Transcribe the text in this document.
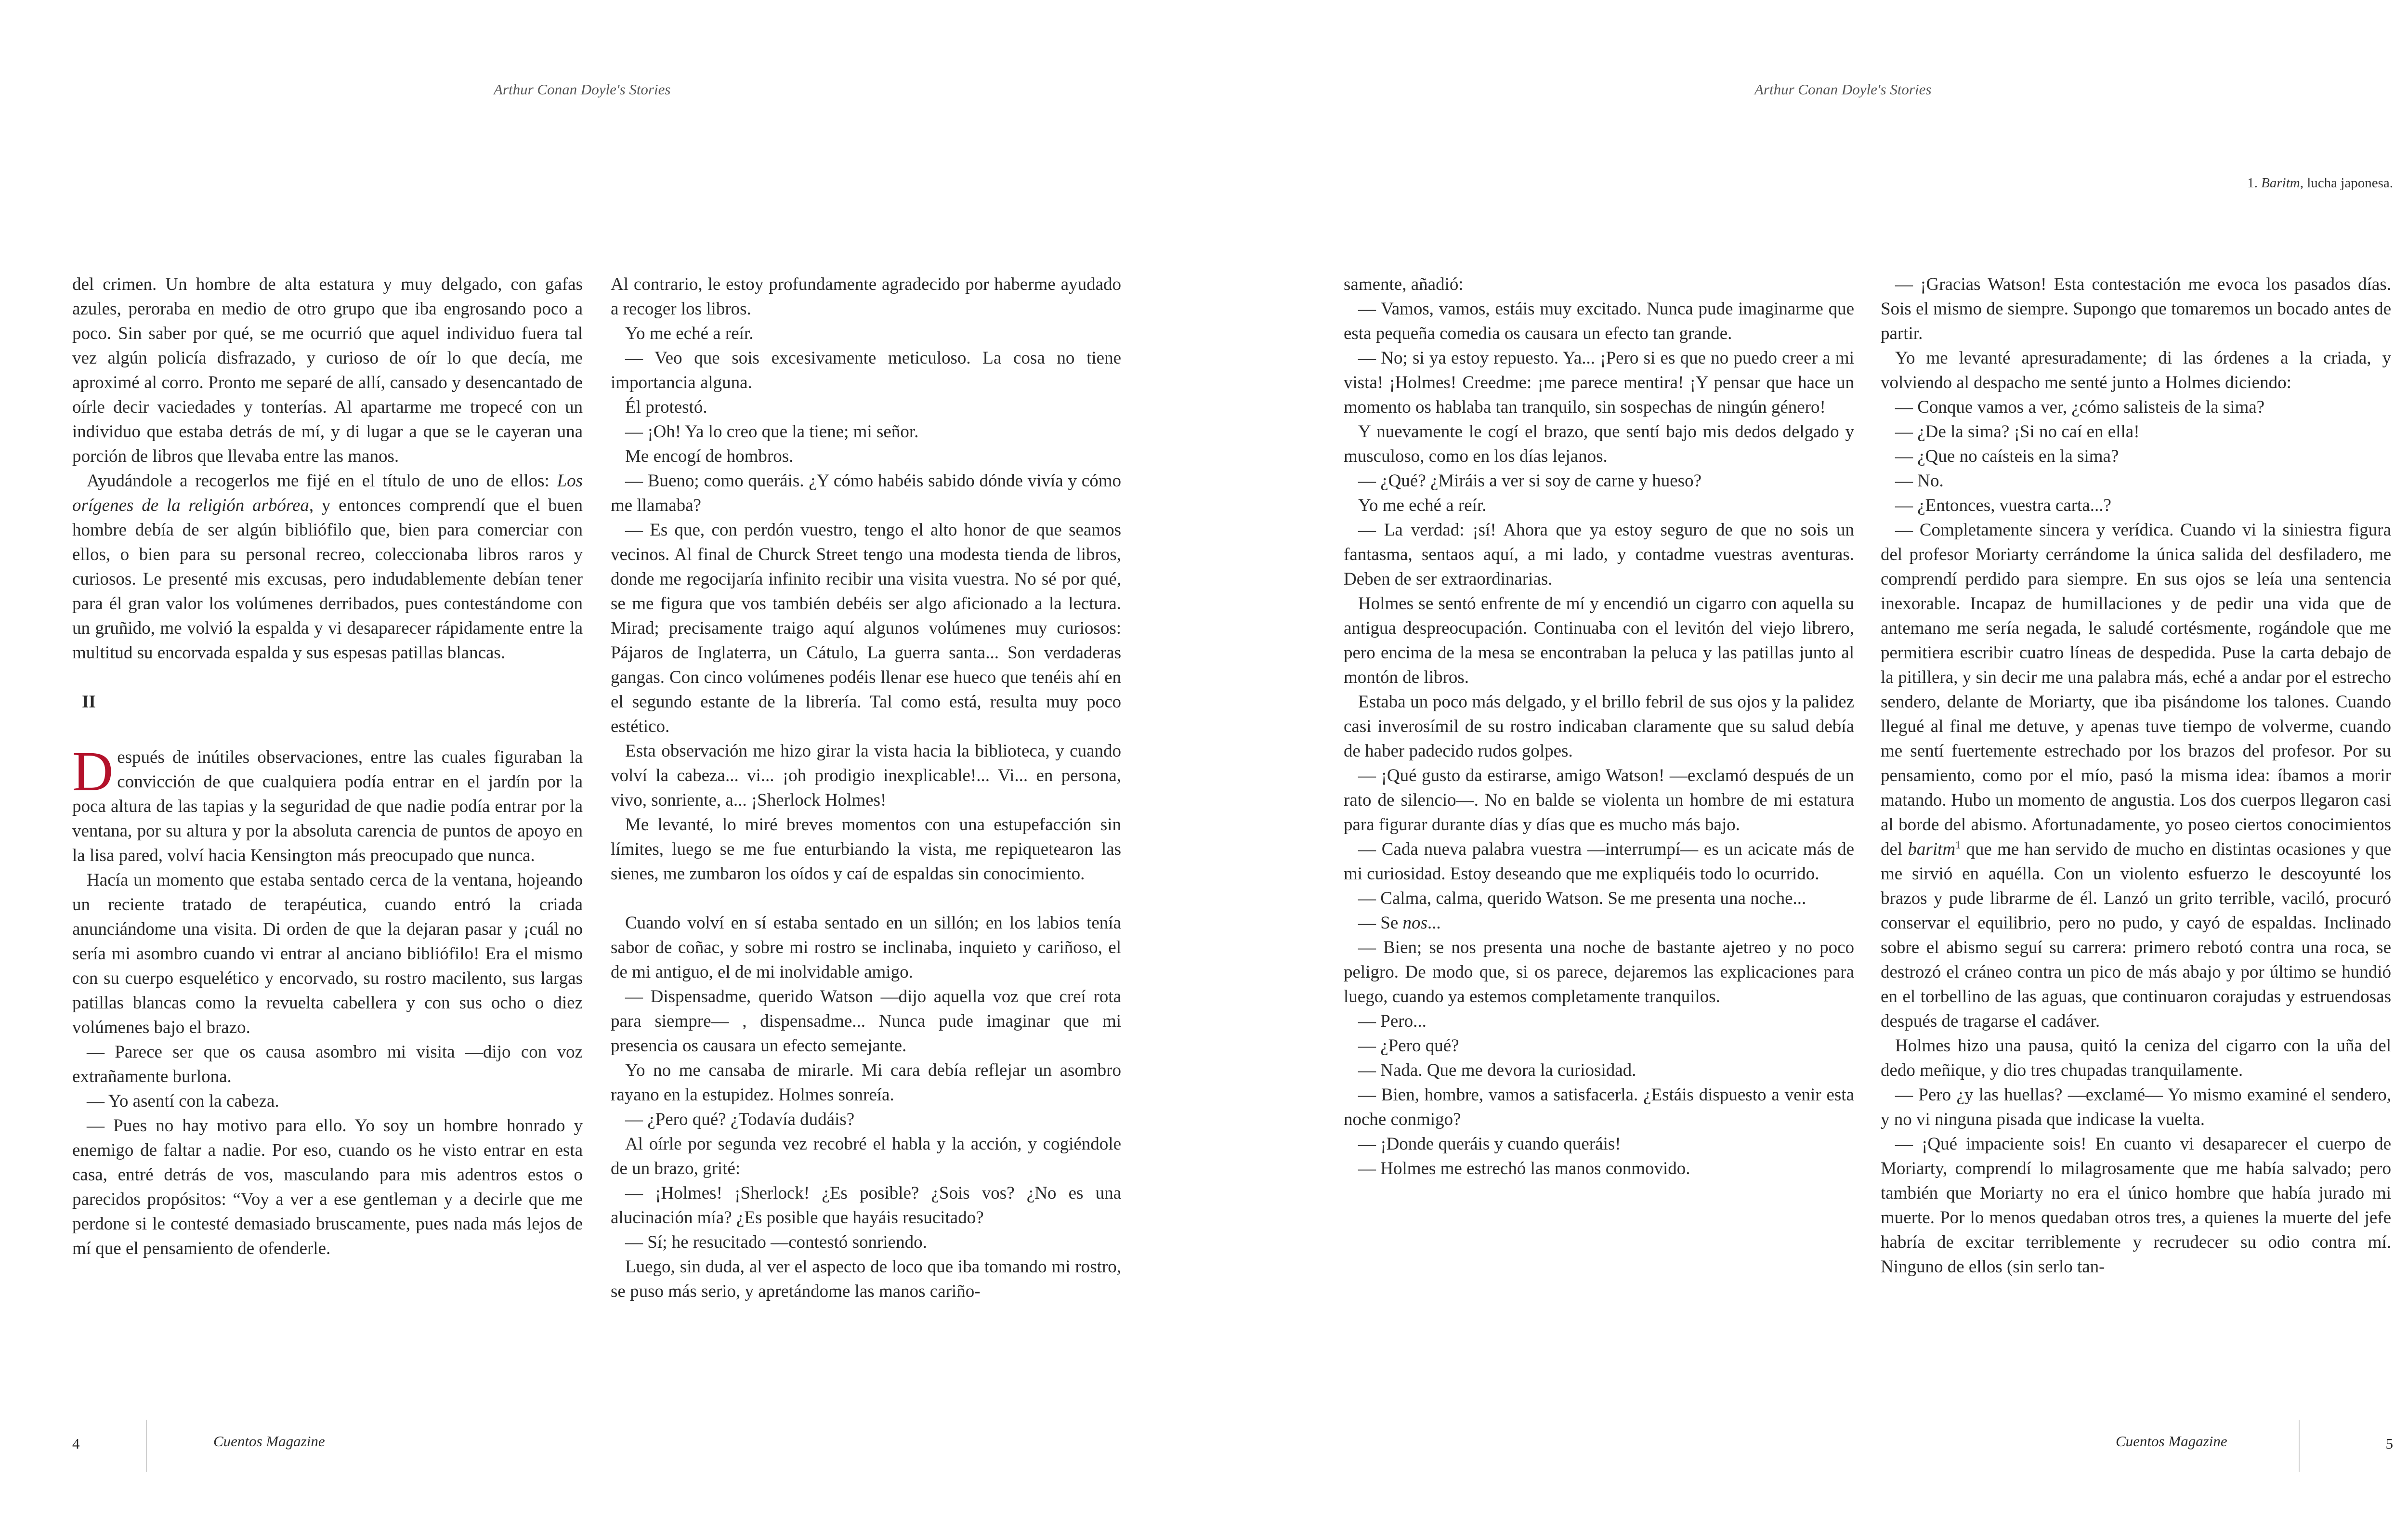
Arthur Conan Doyle's Stories

del crimen. Un hombre de alta estatura y muy delgado, con gafas azules, peroraba en medio de otro grupo que iba engrosando poco a poco. Sin saber por qué, se me ocurrió que aquel individuo fuera tal vez algún policía disfrazado, y curioso de oír lo que decía, me aproximé al corro. Pronto me separé de allí, cansado y desencantado de oírle decir vaciedades y tonterías. Al apartarme me tropecé con un individuo que estaba detrás de mí, y di lugar a que se le cayeran una porción de libros que llevaba entre las manos.

Ayudándole a recogerlos me fijé en el título de uno de ellos: Los orígenes de la religión arbórea, y entonces comprendí que el buen hombre debía de ser algún bibliófilo que, bien para comerciar con ellos, o bien para su personal recreo, coleccionaba libros raros y curiosos. Le presenté mis excusas, pero indudablemente debían tener para él gran valor los volúmenes derribados, pues contestándome con un gruñido, me volvió la espalda y vi desaparecer rápidamente entre la multitud su encorvada espalda y sus espesas patillas blancas.

II

Después de inútiles observaciones, entre las cuales figuraban la convicción de que cualquiera podía entrar en el jardín por la poca altura de las tapias y la seguridad de que nadie podía entrar por la ventana, por su altura y por la absoluta carencia de puntos de apoyo en la lisa pared, volví hacia Kensington más preocupado que nunca.

Hacía un momento que estaba sentado cerca de la ventana, hojeando un reciente tratado de terapéutica, cuando entró la criada anunciándome una visita. Di orden de que la dejaran pasar y ¡cuál no sería mi asombro cuando vi entrar al anciano bibliófilo! Era el mismo con su cuerpo esquelético y encorvado, su rostro macilento, sus largas patillas blancas como la revuelta cabellera y con sus ocho o diez volúmenes bajo el brazo.

— Parece ser que os causa asombro mi visita —dijo con voz extrañamente burlona.

— Yo asentí con la cabeza.

— Pues no hay motivo para ello. Yo soy un hombre honrado y enemigo de faltar a nadie. Por eso, cuando os he visto entrar en esta casa, entré detrás de vos, masculando para mis adentros estos o parecidos propósitos: “Voy a ver a ese gentleman y a decirle que me perdone si le contesté demasiado bruscamente, pues nada más lejos de mí que el pensamiento de ofenderle.

Al contrario, le estoy profundamente agradecido por haberme ayudado a recoger los libros.

Yo me eché a reír.

— Veo que sois excesivamente meticuloso. La cosa no tiene importancia alguna.

Él protestó.

— ¡Oh! Ya lo creo que la tiene; mi señor.

Me encogí de hombros.

— Bueno; como queráis. ¿Y cómo habéis sabido dónde vivía y cómo me llamaba?

— Es que, con perdón vuestro, tengo el alto honor de que seamos vecinos. Al final de Churck Street tengo una modesta tienda de libros, donde me regocijaría infinito recibir una visita vuestra. No sé por qué, se me figura que vos también debéis ser algo aficionado a la lectura. Mirad; precisamente traigo aquí algunos volúmenes muy curiosos: Pájaros de Inglaterra, un Cátulo, La guerra santa... Son verdaderas gangas. Con cinco volúmenes podéis llenar ese hueco que tenéis ahí en el segundo estante de la librería. Tal como está, resulta muy poco estético.

Esta observación me hizo girar la vista hacia la biblioteca, y cuando volví la cabeza... vi... ¡oh prodigio inexplicable!... Vi... en persona, vivo, sonriente, a... ¡Sherlock Holmes!

Me levanté, lo miré breves momentos con una estupefacción sin límites, luego se me fue enturbiando la vista, me repiquetearon las sienes, me zumbaron los oídos y caí de espaldas sin conocimiento.

Cuando volví en sí estaba sentado en un sillón; en los labios tenía sabor de coñac, y sobre mi rostro se inclinaba, inquieto y cariñoso, el de mi antiguo, el de mi inolvidable amigo.

— Dispensadme, querido Watson —dijo aquella voz que creí rota para siempre— , dispensadme... Nunca pude imaginar que mi presencia os causara un efecto semejante.

Yo no me cansaba de mirarle. Mi cara debía reflejar un asombro rayano en la estupidez. Holmes sonreía.

— ¿Pero qué? ¿Todavía dudáis?

Al oírle por segunda vez recobré el habla y la acción, y cogiéndole de un brazo, grité:

— ¡Holmes! ¡Sherlock! ¿Es posible? ¿Sois vos? ¿No es una alucinación mía? ¿Es posible que hayáis resucitado?

— Sí; he resucitado —contestó sonriendo.

Luego, sin duda, al ver el aspecto de loco que iba tomando mi rostro, se puso más serio, y apretándome las manos cariño-

4	Cuentos Magazine
Arthur Conan Doyle's Stories
1. Baritm, lucha japonesa.

samente, añadió:

— Vamos, vamos, estáis muy excitado. Nunca pude imaginarme que esta pequeña comedia os causara un efecto tan grande.

— No; si ya estoy repuesto. Ya... ¡Pero si es que no puedo creer a mi vista! ¡Holmes! Creedme: ¡me parece mentira! ¡Y pensar que hace un momento os hablaba tan tranquilo, sin sospechas de ningún género!

Y nuevamente le cogí el brazo, que sentí bajo mis dedos delgado y musculoso, como en los días lejanos.

— ¿Qué? ¿Miráis a ver si soy de carne y hueso?

Yo me eché a reír.

— La verdad: ¡sí! Ahora que ya estoy seguro de que no sois un fantasma, sentaos aquí, a mi lado, y contadme vuestras aventuras. Deben de ser extraordinarias.

Holmes se sentó enfrente de mí y encendió un cigarro con aquella su antigua despreocupación. Continuaba con el levitón del viejo librero, pero encima de la mesa se encontraban la peluca y las patillas junto al montón de libros.

Estaba un poco más delgado, y el brillo febril de sus ojos y la palidez casi inverosímil de su rostro indicaban claramente que su salud debía de haber padecido rudos golpes.

— ¡Qué gusto da estirarse, amigo Watson! —exclamó después de un rato de silencio—. No en balde se violenta un hombre de mi estatura para figurar durante días y días que es mucho más bajo.

— Cada nueva palabra vuestra —interrumpí— es un acicate más de mi curiosidad. Estoy deseando que me expliquéis todo lo ocurrido.

— Calma, calma, querido Watson. Se me presenta una noche...

— Se nos...

— Bien; se nos presenta una noche de bastante ajetreo y no poco peligro. De modo que, si os parece, dejaremos las explicaciones para luego, cuando ya estemos completamente tranquilos.

— Pero...

— ¿Pero qué?

— Nada. Que me devora la curiosidad.

— Bien, hombre, vamos a satisfacerla. ¿Estáis dispuesto a venir esta noche conmigo?

— ¡Donde queráis y cuando queráis!

— Holmes me estrechó las manos conmovido.

— ¡Gracias Watson! Esta contestación me evoca los pasados días. Sois el mismo de siempre. Supongo que tomaremos un bocado antes de partir.

Yo me levanté apresuradamente; di las órdenes a la criada, y volviendo al despacho me senté junto a Holmes diciendo:

— Conque vamos a ver, ¿cómo salisteis de la sima?

— ¿De la sima? ¡Si no caí en ella!

— ¿Que no caísteis en la sima?

— No.

— ¿Entonces, vuestra carta...?

— Completamente sincera y verídica. Cuando vi la siniestra figura del profesor Moriarty cerrándome la única salida del desfiladero, me comprendí perdido para siempre. En sus ojos se leía una sentencia inexorable. Incapaz de humillaciones y de pedir una vida que de antemano me sería negada, le saludé cortésmente, rogándole que me permitiera escribir cuatro líneas de despedida. Puse la carta debajo de la pitillera, y sin decir me una palabra más, eché a andar por el estrecho sendero, delante de Moriarty, que iba pisándome los talones. Cuando llegué al final me detuve, y apenas tuve tiempo de volverme, cuando me sentí fuertemente estrechado por los brazos del profesor. Por su pensamiento, como por el mío, pasó la misma idea: íbamos a morir matando. Hubo un momento de angustia. Los dos cuerpos llegaron casi al borde del abismo. Afortunadamente, yo poseo ciertos conocimientos del baritm$^1$ que me han servido de mucho en distintas ocasiones y que me sirvió en aquélla. Con un violento esfuerzo le descoyunté los brazos y pude librarme de él. Lanzó un grito terrible, vaciló, procuró conservar el equilibrio, pero no pudo, y cayó de espaldas. Inclinado sobre el abismo seguí su carrera: primero rebotó contra una roca, se destrozó el cráneo contra un pico de más abajo y por último se hundió en el torbellino de las aguas, que continuaron corajudas y estruendosas después de tragarse el cadáver.

Holmes hizo una pausa, quitó la ceniza del cigarro con la uña del dedo meñique, y dio tres chupadas tranquilamente.

— Pero ¿y las huellas? —exclamé— Yo mismo examiné el sendero, y no vi ninguna pisada que indicase la vuelta.

— ¡Qué impaciente sois! En cuanto vi desaparecer el cuerpo de Moriarty, comprendí lo milagrosamente que me había salvado; pero también que Moriarty no era el único hombre que había jurado mi muerte. Por lo menos quedaban otros tres, a quienes la muerte del jefe habría de excitar terriblemente y recrudecer su odio contra mí. Ninguno de ellos (sin serlo tan-

Cuentos Magazine	5
